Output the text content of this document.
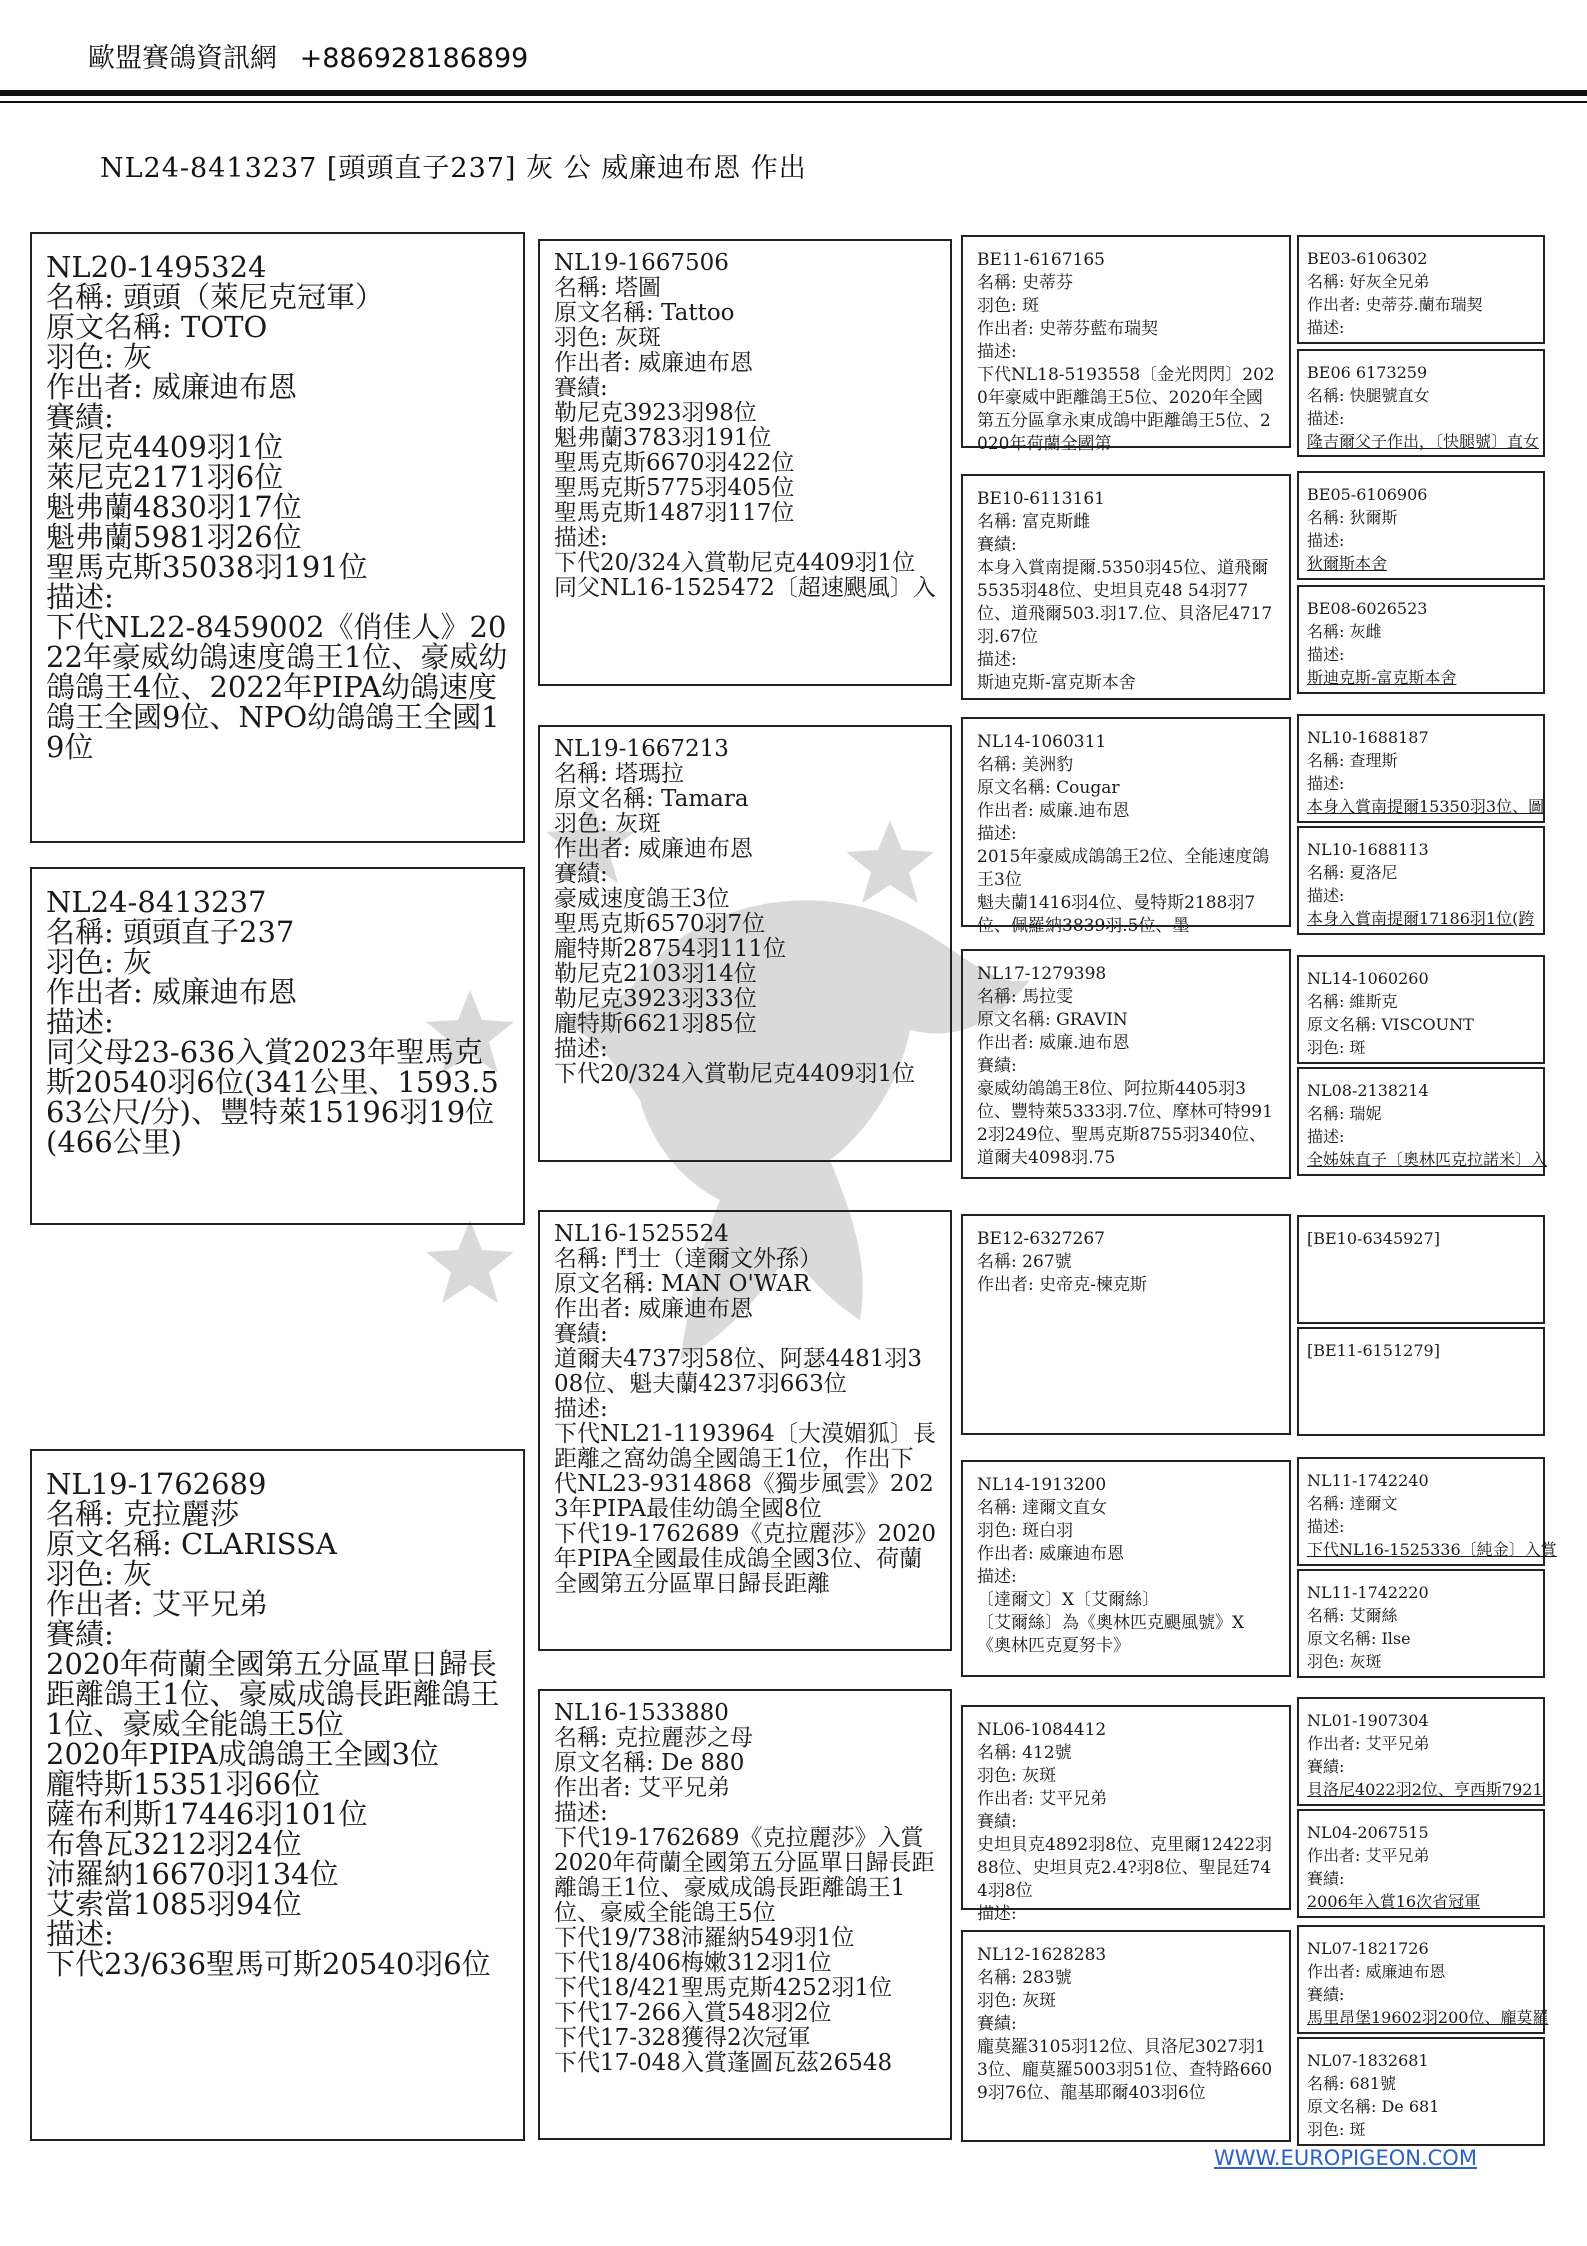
歐盟賽鴿資訊網 +886928186899
NL24-8413237 [頭頭直子237] 灰 公 威廉迪布恩 作出
NL24-8413237
名稱: 頭頭直子237
羽色: 灰
作出者: 威廉迪布恩
描述:
同父母23-636入賞2023年聖馬克斯20540羽6位(341公里、1593.563公尺/分)、豐特萊15196羽19位(466公里)
NL20-1495324
名稱: 頭頭（萊尼克冠軍）
原文名稱: TOTO
羽色: 灰
作出者: 威廉迪布恩
賽績:
萊尼克4409羽1位
萊尼克2171羽6位
魁弗蘭4830羽17位
魁弗蘭5981羽26位
聖馬克斯35038羽191位
描述:
下代NL22-8459002《俏佳人》2022年豪威幼鴿速度鴿王1位、豪威幼鴿鴿王4位、2022年PIPA幼鴿速度鴿王全國9位、NPO幼鴿鴿王全國19位
NL19-1762689
名稱: 克拉麗莎
原文名稱: CLARISSA
羽色: 灰
作出者: 艾平兄弟
賽績:
2020年荷蘭全國第五分區單日歸長距離鴿王1位、豪威成鴿長距離鴿王1位、豪威全能鴿王5位
2020年PIPA成鴿鴿王全國3位
龐特斯15351羽66位
薩布利斯17446羽101位
布魯瓦3212羽24位
沛羅納16670羽134位
艾索當1085羽94位
描述:
下代23/636聖馬可斯20540羽6位
NL19-1667506
名稱: 塔圖
原文名稱: Tattoo
羽色: 灰斑
作出者: 威廉迪布恩
賽績:
勒尼克3923羽98位
魁弗蘭3783羽191位
聖馬克斯6670羽422位
聖馬克斯5775羽405位
聖馬克斯1487羽117位
描述:
下代20/324入賞勒尼克4409羽1位
同父NL16-1525472〔超速颶風〕入
NL19-1667213
名稱: 塔瑪拉
原文名稱: Tamara
羽色: 灰斑
作出者: 威廉迪布恩
賽績:
豪威速度鴿王3位
聖馬克斯6570羽7位
龐特斯28754羽111位
勒尼克2103羽14位
勒尼克3923羽33位
龐特斯6621羽85位
描述:
下代20/324入賞勒尼克4409羽1位
NL16-1525524
名稱: 鬥士（達爾文外孫）
原文名稱: MAN O'WAR
作出者: 威廉迪布恩
賽績:
道爾夫4737羽58位、阿瑟4481羽308位、魁夫蘭4237羽663位
描述:
下代NL21-1193964〔大漠媚狐〕長距離之窩幼鴿全國鴿王1位，作出下代NL23-9314868《獨步風雲》2023年PIPA最佳幼鴿全國8位
下代19-1762689《克拉麗莎》2020年PIPA全國最佳成鴿全國3位、荷蘭全國第五分區單日歸長距離
NL16-1533880
名稱: 克拉麗莎之母
原文名稱: De 880
作出者: 艾平兄弟
描述:
下代19-1762689《克拉麗莎》入賞2020年荷蘭全國第五分區單日歸長距離鴿王1位、豪威成鴿長距離鴿王1位、豪威全能鴿王5位
下代19/738沛羅納549羽1位
下代18/406梅嫩312羽1位
下代18/421聖馬克斯4252羽1位
下代17-266入賞548羽2位
下代17-328獲得2次冠軍
下代17-048入賞蓬圖瓦茲26548
BE11-6167165
名稱: 史蒂芬
羽色: 斑
作出者: 史蒂芬藍布瑞契
描述:
下代NL18-5193558〔金光閃閃〕2020年豪威中距離鴿王5位、2020年全國第五分區拿永東成鴿中距離鴿王5位、2020年荷蘭全國第
BE10-6113161
名稱: 富克斯雌
賽績:
本身入賞南提爾.5350羽45位、道飛爾5535羽48位、史坦貝克48 54羽77位、道飛爾503.羽17.位、貝洛尼4717羽.67位
描述:
斯迪克斯-富克斯本舍
NL14-1060311
名稱: 美洲豹
原文名稱: Cougar
作出者: 威廉.迪布恩
描述:
2015年豪威成鴿鴿王2位、全能速度鴿王3位
魁夫蘭1416羽4位、曼特斯2188羽7位、佩羅納3839羽.5位、墨
NL17-1279398
名稱: 馬拉雯
原文名稱: GRAVIN
作出者: 威廉.迪布恩
賽績:
豪威幼鴿鴿王8位、阿拉斯4405羽3位、豐特萊5333羽.7位、摩林可特9912羽249位、聖馬克斯8755羽340位、道爾夫4098羽.75
BE12-6327267
名稱: 267號
作出者: 史帝克-楝克斯
NL14-1913200
名稱: 達爾文直女
羽色: 斑白羽
作出者: 威廉迪布恩
描述:
〔達爾文〕X〔艾爾絲〕
〔艾爾絲〕為《奧林匹克颶風號》X《奧林匹克夏努卡》
NL06-1084412
名稱: 412號
羽色: 灰斑
作出者: 艾平兄弟
賽績:
史坦貝克4892羽8位、克里爾12422羽88位、史坦貝克2.4?羽8位、聖昆廷744羽8位
描述:
NL12-1628283
名稱: 283號
羽色: 灰斑
賽績:
龐莫羅3105羽12位、貝洛尼3027羽13位、龐莫羅5003羽51位、查特路6609羽76位、龍基耶爾403羽6位
BE03-6106302
名稱: 好灰全兄弟
作出者: 史蒂芬.蘭布瑞契
描述:
BE06 6173259
名稱: 快腿號直女
描述:
隆吉爾父子作出，〔快腿號〕直女
BE05-6106906
名稱: 狄爾斯
描述:
狄爾斯本舍
BE08-6026523
名稱: 灰雌
描述:
斯迪克斯-富克斯本舍
NL10-1688187
名稱: 查理斯
描述:
本身入賞南提爾15350羽3位、圖
NL10-1688113
名稱: 夏洛尼
描述:
本身入賞南提爾17186羽1位(跨
NL14-1060260
名稱: 維斯克
原文名稱: VISCOUNT
羽色: 斑
NL08-2138214
名稱: 瑞妮
描述:
全姊妹直子〔奧林匹克拉諾米〕入
[BE10-6345927]
[BE11-6151279]
NL11-1742240
名稱: 達爾文
描述:
下代NL16-1525336〔純金〕入賞
NL11-1742220
名稱: 艾爾絲
原文名稱: Ilse
羽色: 灰斑
NL01-1907304
作出者: 艾平兄弟
賽績:
貝洛尼4022羽2位、亨西斯7921
NL04-2067515
作出者: 艾平兄弟
賽績:
2006年入賞16次省冠軍
NL07-1821726
作出者: 威廉迪布恩
賽績:
馬里昂堡19602羽200位、龐莫羅
NL07-1832681
名稱: 681號
原文名稱: De 681
羽色: 斑
WWW.EUROPIGEON.COM
